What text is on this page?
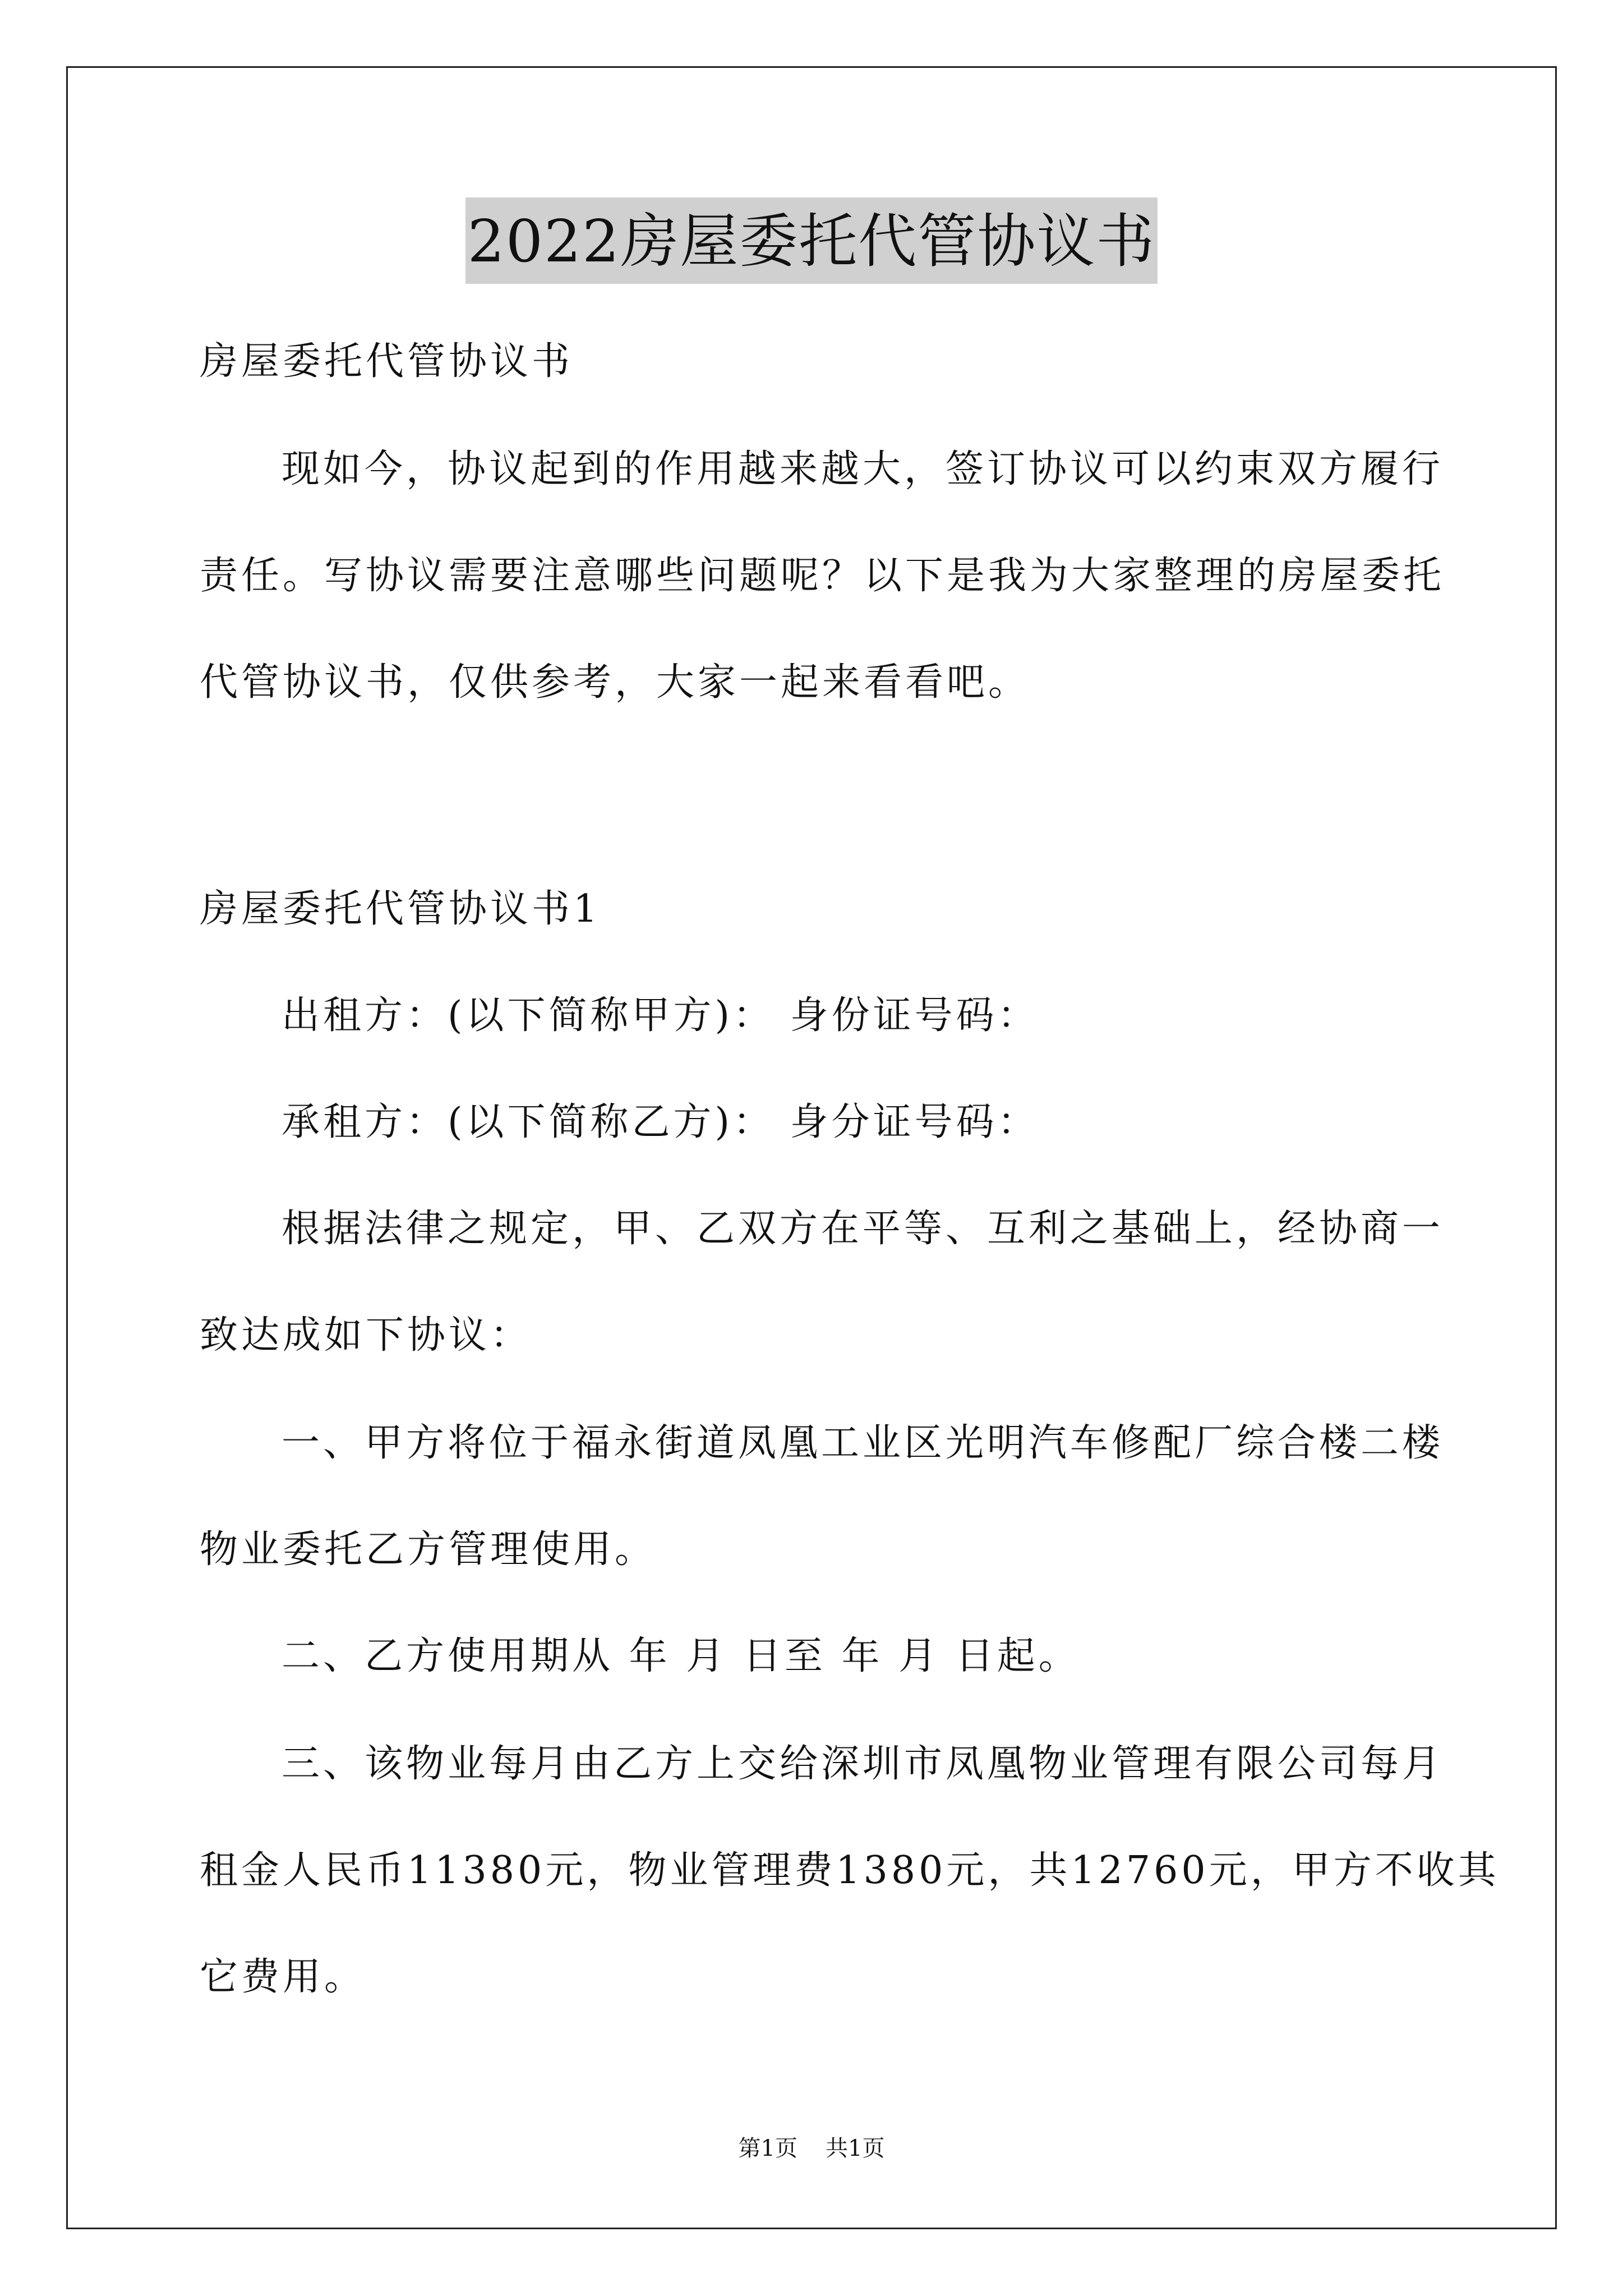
2022房屋委托代管协议书

房屋委托代管协议书

现如今，协议起到的作用越来越大，签订协议可以约束双方履行

责任。写协议需要注意哪些问题呢？以下是我为大家整理的房屋委托

代管协议书，仅供参考，大家一起来看看吧。

房屋委托代管协议书1

出租方：(以下简称甲方)： 身份证号码：

承租方：(以下简称乙方)： 身分证号码：

根据法律之规定，甲、乙双方在平等、互利之基础上，经协商一

致达成如下协议：

一、甲方将位于福永街道凤凰工业区光明汽车修配厂综合楼二楼

物业委托乙方管理使用。

二、乙方使用期从 年 月 日至 年 月 日起。

三、该物业每月由乙方上交给深圳市凤凰物业管理有限公司每月

租金人民币11380元，物业管理费1380元，共12760元，甲方不收其

它费用。

第1页 共1页
